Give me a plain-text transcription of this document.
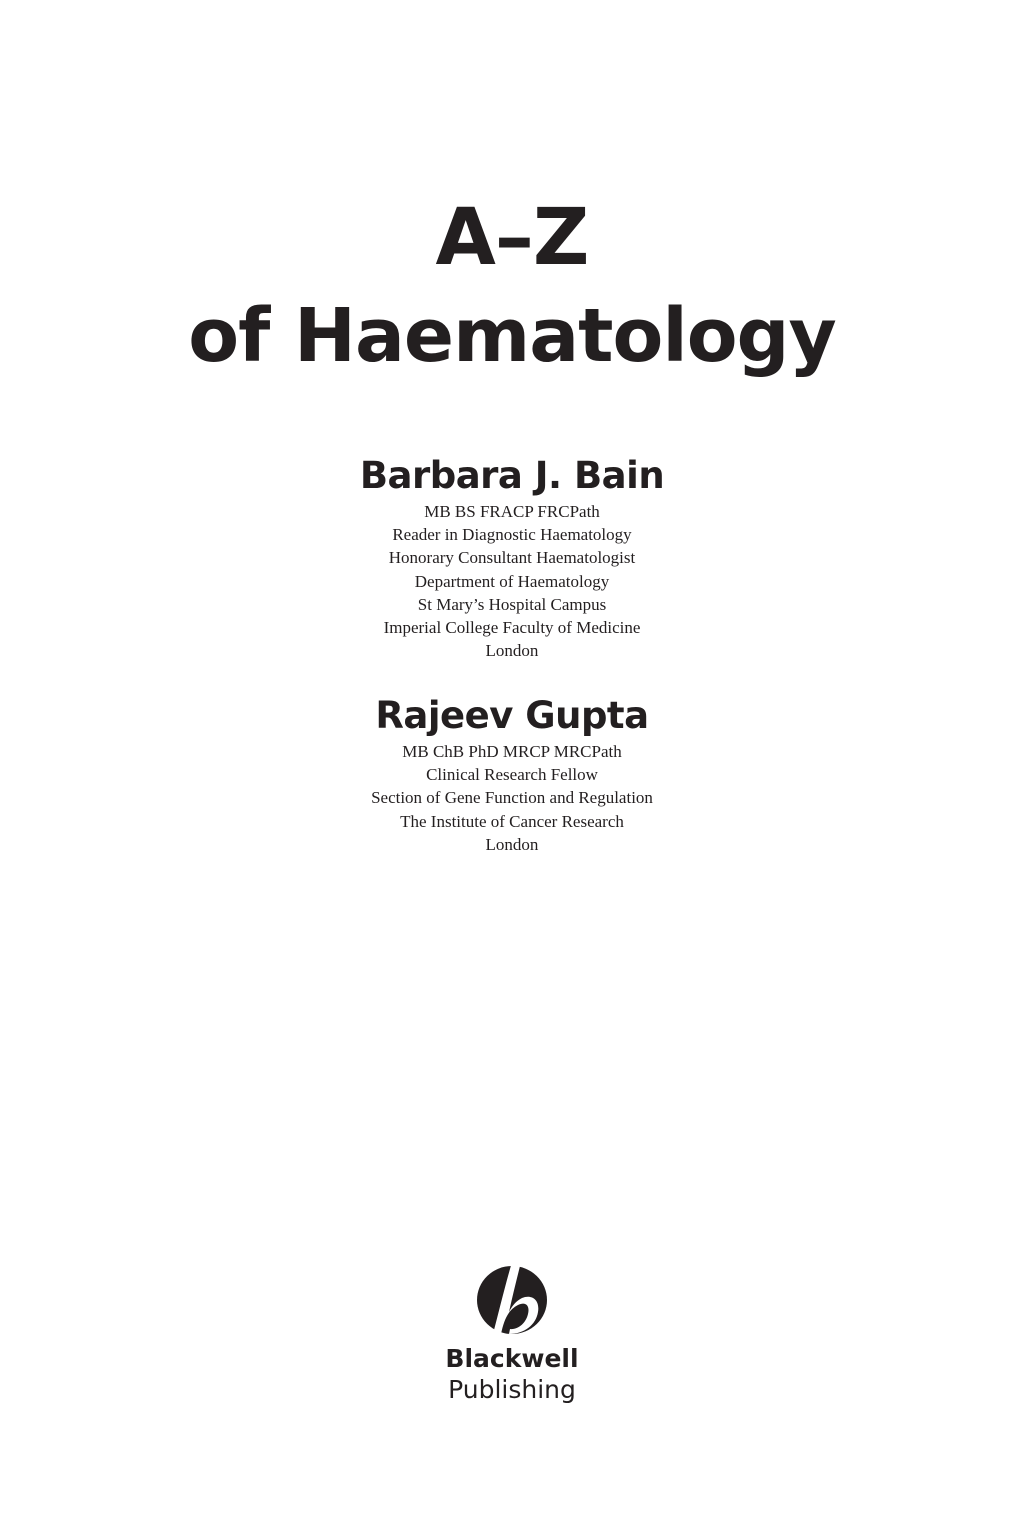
A–Z
of Haematology
Barbara J. Bain
MB BS FRACP FRCPath
Reader in Diagnostic Haematology
Honorary Consultant Haematologist
Department of Haematology
St Mary’s Hospital Campus
Imperial College Faculty of Medicine
London
Rajeev Gupta
MB ChB PhD MRCP MRCPath
Clinical Research Fellow
Section of Gene Function and Regulation
The Institute of Cancer Research
London
Blackwell
Publishing
